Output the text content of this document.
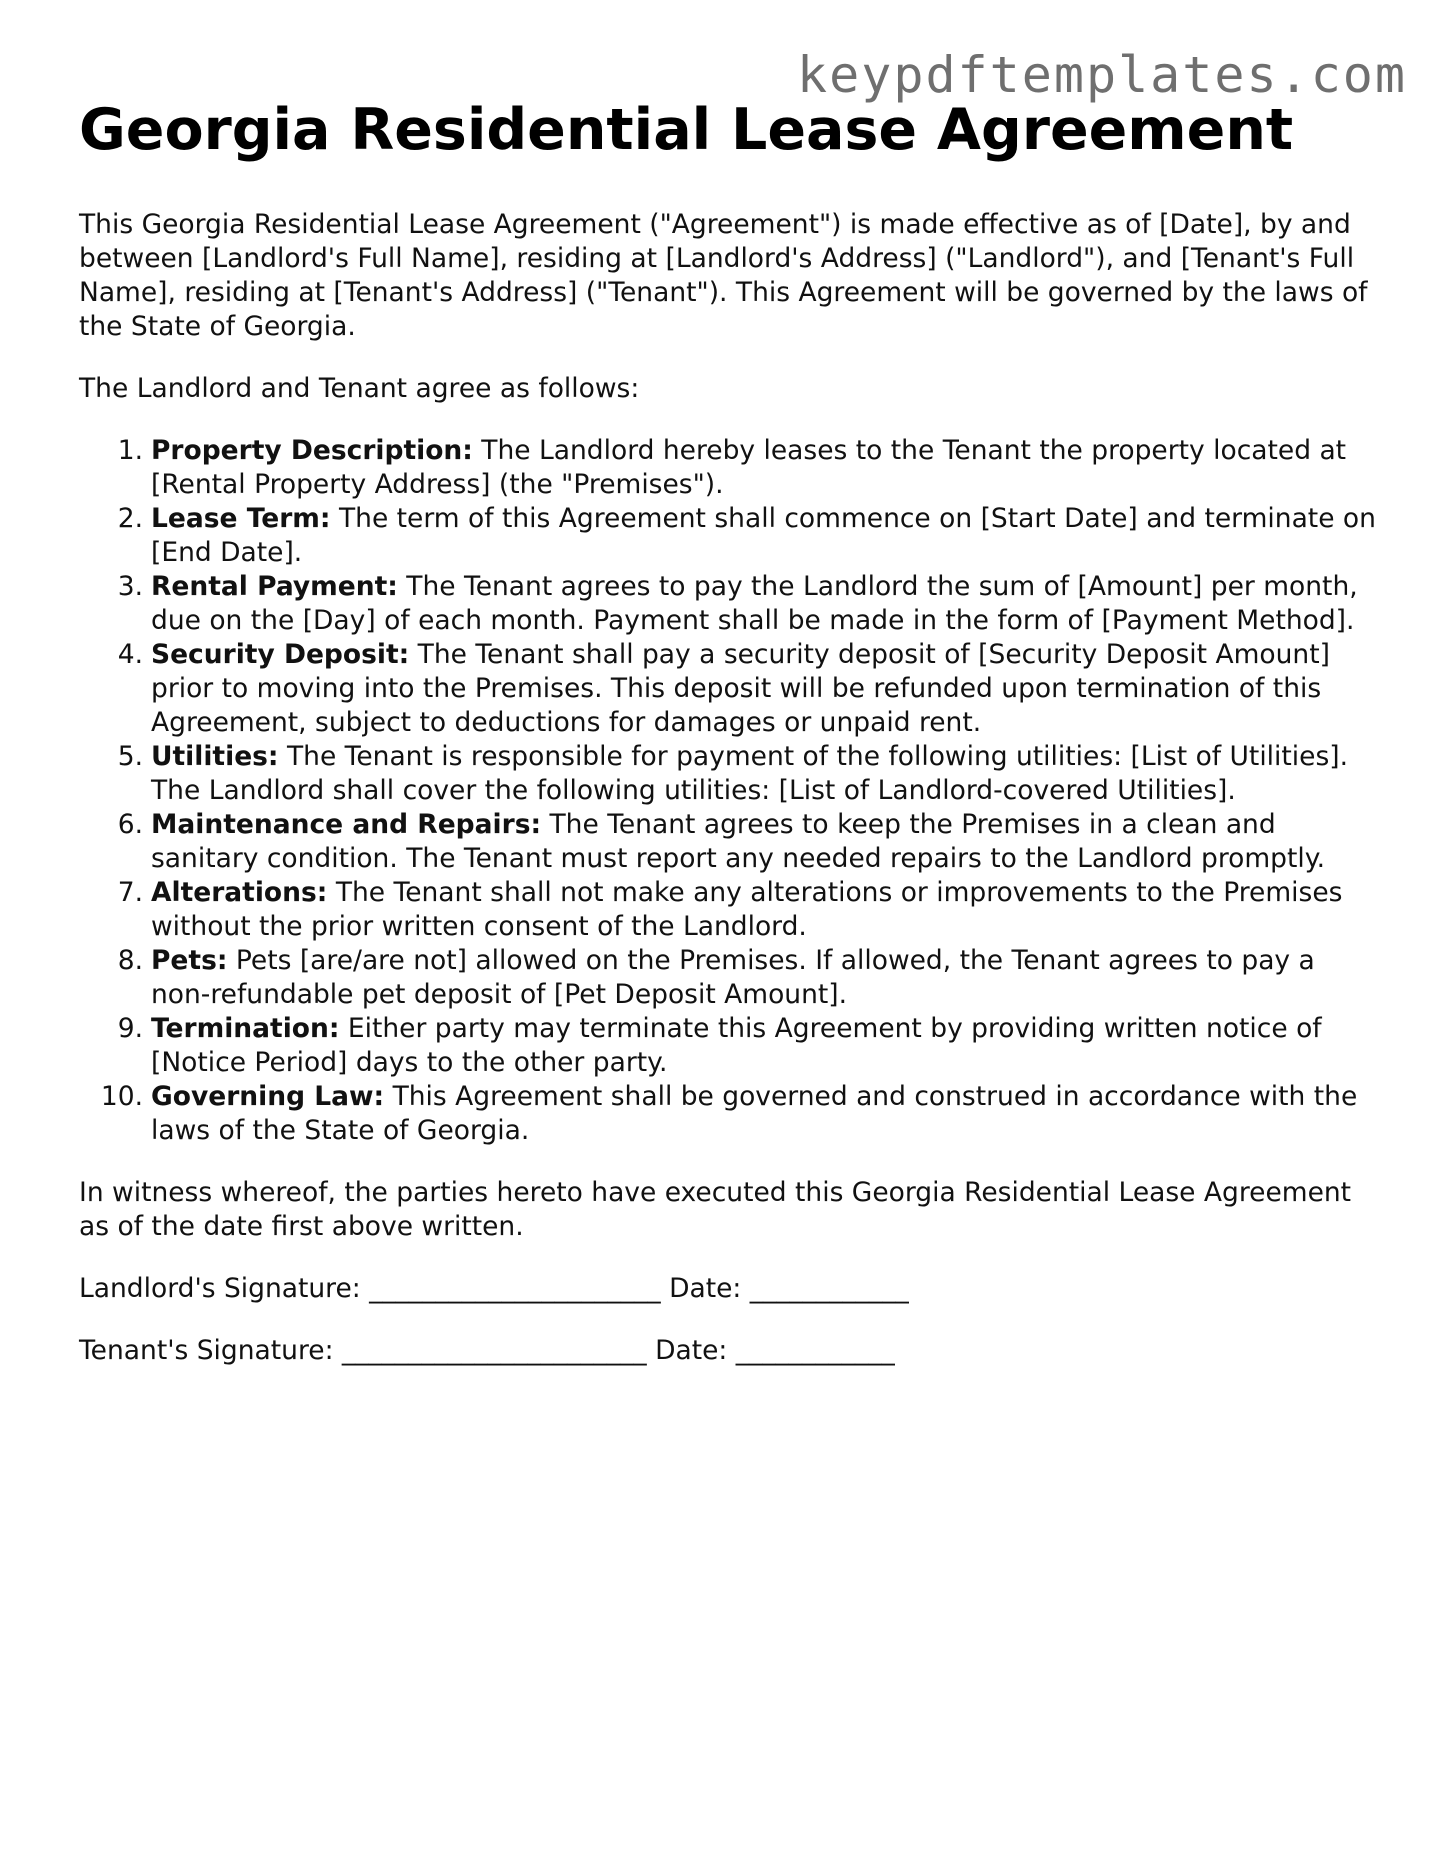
keypdftemplates.com

Georgia Residential Lease Agreement

This Georgia Residential Lease Agreement ("Agreement") is made effective as of [Date], by and between [Landlord's Full Name], residing at [Landlord's Address] ("Landlord"), and [Tenant's Full Name], residing at [Tenant's Address] ("Tenant"). This Agreement will be governed by the laws of the State of Georgia.

The Landlord and Tenant agree as follows:

1. Property Description: The Landlord hereby leases to the Tenant the property located at [Rental Property Address] (the "Premises").
2. Lease Term: The term of this Agreement shall commence on [Start Date] and terminate on [End Date].
3. Rental Payment: The Tenant agrees to pay the Landlord the sum of [Amount] per month, due on the [Day] of each month. Payment shall be made in the form of [Payment Method].
4. Security Deposit: The Tenant shall pay a security deposit of [Security Deposit Amount] prior to moving into the Premises. This deposit will be refunded upon termination of this Agreement, subject to deductions for damages or unpaid rent.
5. Utilities: The Tenant is responsible for payment of the following utilities: [List of Utilities]. The Landlord shall cover the following utilities: [List of Landlord-covered Utilities].
6. Maintenance and Repairs: The Tenant agrees to keep the Premises in a clean and sanitary condition. The Tenant must report any needed repairs to the Landlord promptly.
7. Alterations: The Tenant shall not make any alterations or improvements to the Premises without the prior written consent of the Landlord.
8. Pets: Pets [are/are not] allowed on the Premises. If allowed, the Tenant agrees to pay a non-refundable pet deposit of [Pet Deposit Amount].
9. Termination: Either party may terminate this Agreement by providing written notice of [Notice Period] days to the other party.
10. Governing Law: This Agreement shall be governed and construed in accordance with the laws of the State of Georgia.

In witness whereof, the parties hereto have executed this Georgia Residential Lease Agreement as of the date first above written.

Landlord's Signature: ______________________ Date: ____________

Tenant's Signature: _______________________ Date: ____________
